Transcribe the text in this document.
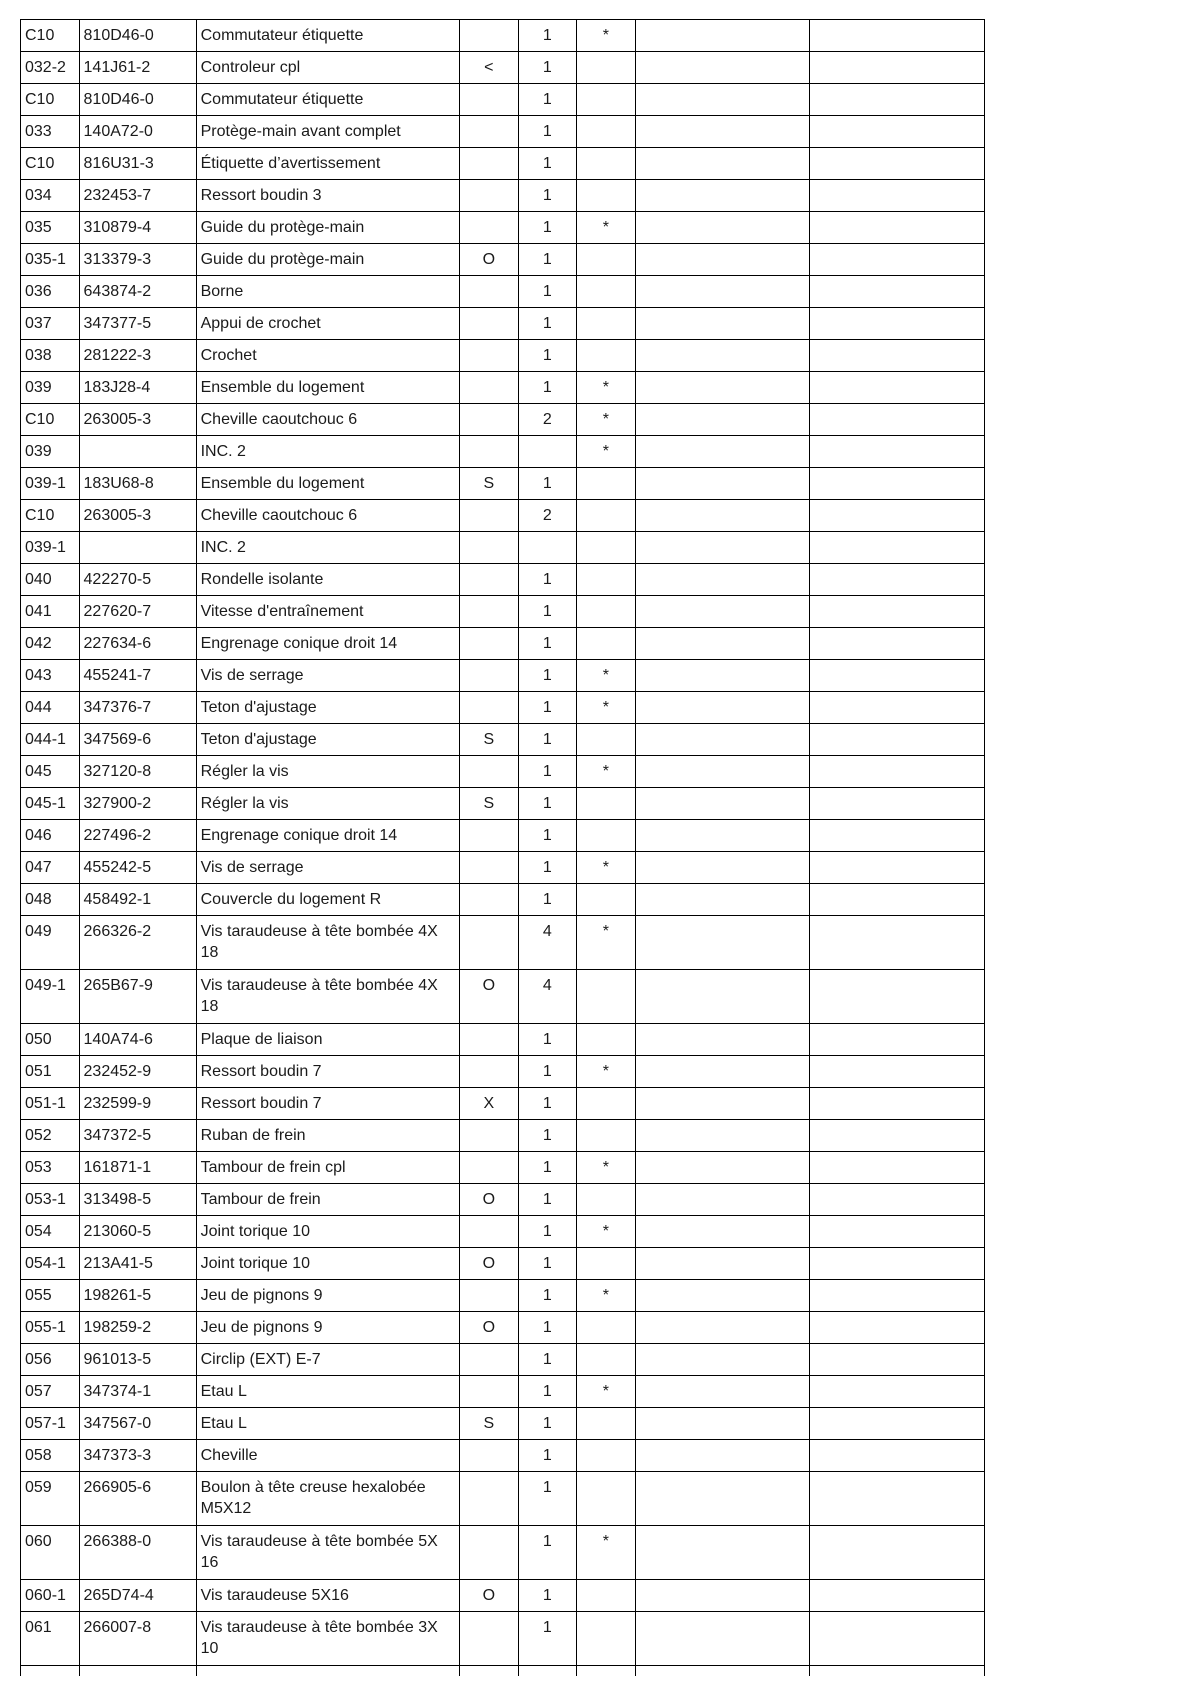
C10	810D46-0	Commutateur étiquette		1	*		
032-2	141J61-2	Controleur cpl	<	1			
C10	810D46-0	Commutateur étiquette		1			
033	140A72-0	Protège-main avant complet		1			
C10	816U31-3	Étiquette d’avertissement		1			
034	232453-7	Ressort boudin 3		1			
035	310879-4	Guide du protège-main		1	*		
035-1	313379-3	Guide du protège-main	O	1			
036	643874-2	Borne		1			
037	347377-5	Appui de crochet		1			
038	281222-3	Crochet		1			
039	183J28-4	Ensemble du logement		1	*		
C10	263005-3	Cheville caoutchouc 6		2	*		
039		INC. 2			*		
039-1	183U68-8	Ensemble du logement	S	1			
C10	263005-3	Cheville caoutchouc 6		2			
039-1		INC. 2					
040	422270-5	Rondelle isolante		1			
041	227620-7	Vitesse d'entraînement		1			
042	227634-6	Engrenage conique droit 14		1			
043	455241-7	Vis de serrage		1	*		
044	347376-7	Teton d'ajustage		1	*		
044-1	347569-6	Teton d'ajustage	S	1			
045	327120-8	Régler la vis		1	*		
045-1	327900-2	Régler la vis	S	1			
046	227496-2	Engrenage conique droit 14		1			
047	455242-5	Vis de serrage		1	*		
048	458492-1	Couvercle du logement R		1			
049	266326-2	Vis taraudeuse à tête bombée 4X 18		4	*		
049-1	265B67-9	Vis taraudeuse à tête bombée 4X 18	O	4			
050	140A74-6	Plaque de liaison		1			
051	232452-9	Ressort boudin 7		1	*		
051-1	232599-9	Ressort boudin 7	X	1			
052	347372-5	Ruban de frein		1			
053	161871-1	Tambour de frein cpl		1	*		
053-1	313498-5	Tambour de frein	O	1			
054	213060-5	Joint torique 10		1	*		
054-1	213A41-5	Joint torique 10	O	1			
055	198261-5	Jeu de pignons 9		1	*		
055-1	198259-2	Jeu de pignons 9	O	1			
056	961013-5	Circlip (EXT) E-7		1			
057	347374-1	Etau L		1	*		
057-1	347567-0	Etau L	S	1			
058	347373-3	Cheville		1			
059	266905-6	Boulon à tête creuse hexalobée M5X12		1			
060	266388-0	Vis taraudeuse à tête bombée 5X 16		1	*		
060-1	265D74-4	Vis taraudeuse 5X16	O	1			
061	266007-8	Vis taraudeuse à tête bombée 3X 10		1			
